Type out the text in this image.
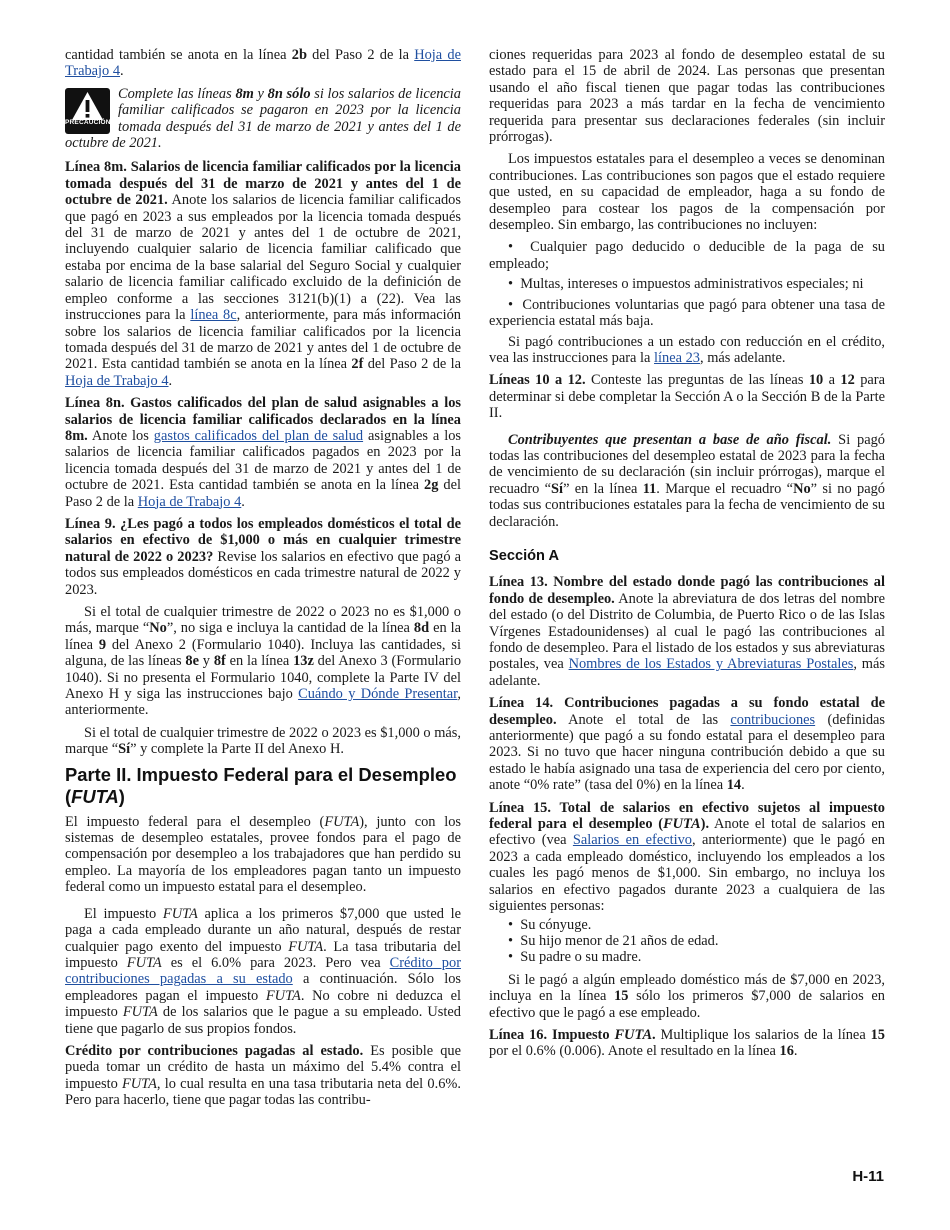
cantidad también se anota en la línea 2b del Paso 2 de la Hoja de Trabajo 4.

PRECAUCIÓN
Complete las líneas 8m y 8n sólo si los salarios de licencia familiar calificados se pagaron en 2023 por la licencia tomada después del 31 de marzo de 2021 y antes del 1 de octubre de 2021.

Línea 8m. Salarios de licencia familiar calificados por la licencia tomada después del 31 de marzo de 2021 y antes del 1 de octubre de 2021. Anote los salarios de licencia familiar calificados que pagó en 2023 a sus empleados por la licencia tomada después del 31 de marzo de 2021 y antes del 1 de octubre de 2021, incluyendo cualquier salario de licencia familiar calificado que estaba por encima de la base salarial del Seguro Social y cualquier salario de licencia familiar calificado excluido de la definición de empleo conforme a las secciones 3121(b)(1) a (22). Vea las instrucciones para la línea 8c, anteriormente, para más información sobre los salarios de licencia familiar calificados por la licencia tomada después del 31 de marzo de 2021 y antes del 1 de octubre de 2021. Esta cantidad también se anota en la línea 2f del Paso 2 de la Hoja de Trabajo 4.

Línea 8n. Gastos calificados del plan de salud asignables a los salarios de licencia familiar calificados declarados en la línea 8m. Anote los gastos calificados del plan de salud asignables a los salarios de licencia familiar calificados pagados en 2023 por la licencia tomada después del 31 de marzo de 2021 y antes del 1 de octubre de 2021. Esta cantidad también se anota en la línea 2g del Paso 2 de la Hoja de Trabajo 4.

Línea 9. ¿Les pagó a todos los empleados domésticos el total de salarios en efectivo de $1,000 o más en cualquier trimestre natural de 2022 o 2023? Revise los salarios en efectivo que pagó a todos sus empleados domésticos en cada trimestre natural de 2022 y 2023.

Si el total de cualquier trimestre de 2022 o 2023 no es $1,000 o más, marque “No”, no siga e incluya la cantidad de la línea 8d en la línea 9 del Anexo 2 (Formulario 1040). Incluya las cantidades, si alguna, de las líneas 8e y 8f en la línea 13z del Anexo 3 (Formulario 1040). Si no presenta el Formulario 1040, complete la Parte IV del Anexo H y siga las instrucciones bajo Cuándo y Dónde Presentar, anteriormente.

Si el total de cualquier trimestre de 2022 o 2023 es $1,000 o más, marque “Sí” y complete la Parte II del Anexo H.

Parte II. Impuesto Federal para el Desempleo (FUTA)

El impuesto federal para el desempleo (FUTA), junto con los sistemas de desempleo estatales, provee fondos para el pago de compensación por desempleo a los trabajadores que han perdido su empleo. La mayoría de los empleadores pagan tanto un impuesto federal como un impuesto estatal para el desempleo.

El impuesto FUTA aplica a los primeros $7,000 que usted le paga a cada empleado durante un año natural, después de restar cualquier pago exento del impuesto FUTA. La tasa tributaria del impuesto FUTA es el 6.0% para 2023. Pero vea Crédito por contribuciones pagadas a su estado a continuación. Sólo los empleadores pagan el impuesto FUTA. No cobre ni deduzca el impuesto FUTA de los salarios que le pague a su empleado. Usted tiene que pagarlo de sus propios fondos.

Crédito por contribuciones pagadas al estado. Es posible que pueda tomar un crédito de hasta un máximo del 5.4% contra el impuesto FUTA, lo cual resulta en una tasa tributaria neta del 0.6%. Pero para hacerlo, tiene que pagar todas las contribu-

ciones requeridas para 2023 al fondo de desempleo estatal de su estado para el 15 de abril de 2024. Las personas que presentan usando el año fiscal tienen que pagar todas las contribuciones requeridas para 2023 a más tardar en la fecha de vencimiento requerida para presentar sus declaraciones federales (sin incluir prórrogas).

Los impuestos estatales para el desempleo a veces se denominan contribuciones. Las contribuciones son pagos que el estado requiere que usted, en su capacidad de empleador, haga a su fondo de desempleo para costear los pagos de la compensación por desempleo. Sin embargo, las contribuciones no incluyen:

•  Cualquier pago deducido o deducible de la paga de su empleado;

•  Multas, intereses o impuestos administrativos especiales; ni

•  Contribuciones voluntarias que pagó para obtener una tasa de experiencia estatal más baja.

Si pagó contribuciones a un estado con reducción en el crédito, vea las instrucciones para la línea 23, más adelante.

Líneas 10 a 12. Conteste las preguntas de las líneas 10 a 12 para determinar si debe completar la Sección A o la Sección B de la Parte II.

Contribuyentes que presentan a base de año fiscal. Si pagó todas las contribuciones del desempleo estatal de 2023 para la fecha de vencimiento de su declaración (sin incluir prórrogas), marque el recuadro “Sí” en la línea 11. Marque el recuadro “No” si no pagó todas sus contribuciones estatales para la fecha de vencimiento de su declaración.

Sección A

Línea 13. Nombre del estado donde pagó las contribuciones al fondo de desempleo. Anote la abreviatura de dos letras del nombre del estado (o del Distrito de Columbia, de Puerto Rico o de las Islas Vírgenes Estadounidenses) al cual le pagó las contribuciones al fondo de desempleo. Para el listado de los estados y sus abreviaturas postales, vea Nombres de los Estados y Abreviaturas Postales, más adelante.

Línea 14. Contribuciones pagadas a su fondo estatal de desempleo. Anote el total de las contribuciones (definidas anteriormente) que pagó a su fondo estatal para el desempleo para 2023. Si no tuvo que hacer ninguna contribución debido a que su estado le había asignado una tasa de experiencia del cero por ciento, anote “0% rate” (tasa del 0%) en la línea 14.

Línea 15. Total de salarios en efectivo sujetos al impuesto federal para el desempleo (FUTA). Anote el total de salarios en efectivo (vea Salarios en efectivo, anteriormente) que le pagó en 2023 a cada empleado doméstico, incluyendo los empleados a los cuales les pagó menos de $1,000. Sin embargo, no incluya los salarios en efectivo pagados durante 2023 a cualquiera de las siguientes personas:

•  Su cónyuge.
•  Su hijo menor de 21 años de edad.
•  Su padre o su madre.

Si le pagó a algún empleado doméstico más de $7,000 en 2023, incluya en la línea 15 sólo los primeros $7,000 de salarios en efectivo que le pagó a ese empleado.

Línea 16. Impuesto FUTA. Multiplique los salarios de la línea 15 por el 0.6% (0.006). Anote el resultado en la línea 16.

H-11
